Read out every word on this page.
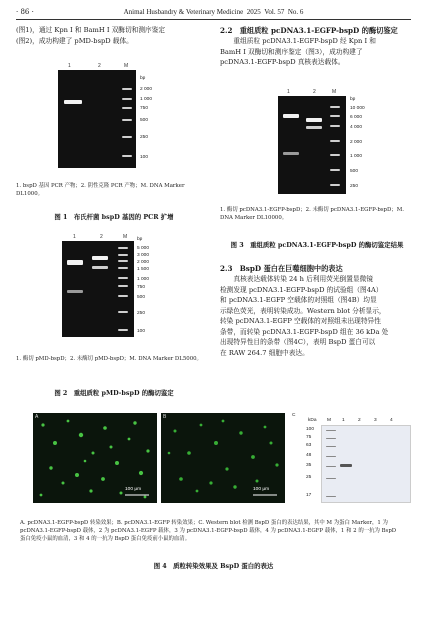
· 86 ·	Animal Husbandry & Veterinary Medicine 2025 Vol. 57 No. 6

(图1)，通过 Kpn Ⅰ 和 BamH Ⅰ 双酶切和测序鉴定

(图2)，成功构建了 pMD-bspD 载体。

1	2	M
bp
2 000
1 000
750
500
250
100
1. bspD 基因 PCR 产物；2. 阴性克隆 PCR 产物；M. DNA Marker DL1000。
图 1　布氏杆菌 bspD 基因的 PCR 扩增
1	2	M bp
5 000
3 000
2 000
1 500
1 000
750
500
250
100
1. 酶切 pMD-bspD；2. 未酶切 pMD-bspD；M. DNA Marker DL5000。
图 2　重组质粒 pMD-bspD 的酶切鉴定

2.2　重组质粒 pcDNA3.1-EGFP-bspD 的酶切鉴定

重组质粒 pcDNA3.1-EGFP-bspD 经 Kpn Ⅰ 和

BamH Ⅰ 双酶切和测序鉴定（图3），成功构建了

pcDNA3.1-EGFP-bspD 真核表达载体。

1	2	M
bp
10 000
6 000
4 000
2 000
1 000
500
250
1. 酶切 pcDNA3.1-EGFP-bspD；2. 未酶切 pcDNA3.1-EGFP-bspD；M. DNA Marker DL10000。
图 3　重组质粒 pcDNA3.1-EGFP-bspD 的酶切鉴定结果

2.3　BspD 蛋白在巨噬细胞中的表达

真核表达载体转染 24 h 后利用荧光倒置显微镜

检测发现 pcDNA3.1-EGFP-bspD 的试验组（图4A）

和 pcDNA3.1-EGFP 空载体的对照组（图4B）均显

示绿色荧光，表明转染成功。Western blot 分析显示，

转染 pcDNA3.1-EGFP 空载体的对照组未出现特异性

条带，而转染 pcDNA3.1-EGFP-bspD 组在 36 kDa 处

出现特异性目的条带（图4C），表明 BspD 蛋白可以

在 RAW 264.7 细胞中表达。

A
100 μm
B
100 μm
C
kDa M 1	2	3	4
100
75
63
48
35
25
17
A. pcDNA3.1-EGFP-bspD 转染效果；B. pcDNA3.1-EGFP 转染效果；C. Western blot 检测 BspD 蛋白的表达结果，其中 M 为蛋白 Marker，1 为
pcDNA3.1-EGFP-bspD 载体，2 为 pcDNA3.1-EGFP 载体，3 为 pcDNA3.1-EGFP-bspD 载体，4 为 pcDNA3.1-EGFP 载体，1 和 2 的一抗为 BspD
蛋白免疫小鼠的血清，3 和 4 的一抗为 BspD 蛋白免疫前小鼠的血清。
图 4　质粒转染效果及 BspD 蛋白的表达
